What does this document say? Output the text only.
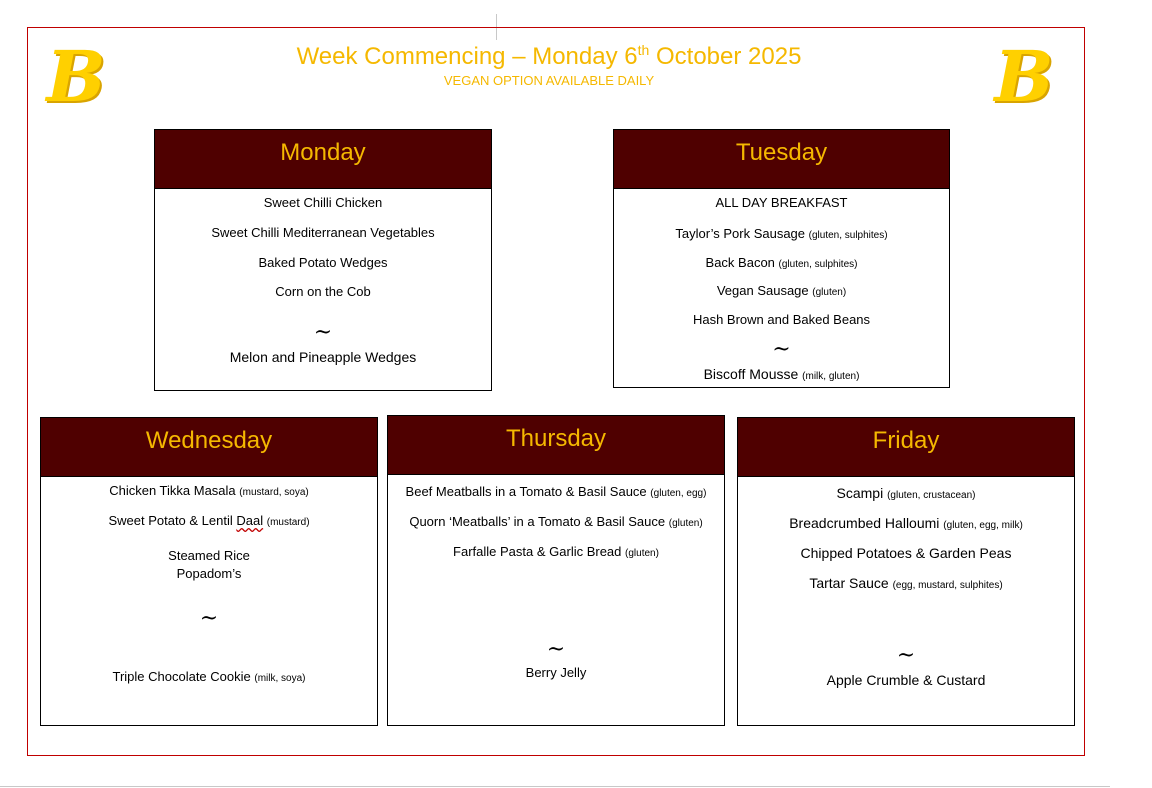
B	B
Week Commencing – Monday 6th October 2025
VEGAN OPTION AVAILABLE DAILY
Monday
Sweet Chilli Chicken
Sweet Chilli Mediterranean Vegetables
Baked Potato Wedges
Corn on the Cob
~
Melon and Pineapple Wedges
Tuesday
ALL DAY BREAKFAST
Taylor’s Pork Sausage (gluten, sulphites)
Back Bacon (gluten, sulphites)
Vegan Sausage (gluten)
Hash Brown and Baked Beans
~
Biscoff Mousse (milk, gluten)
Wednesday
Chicken Tikka Masala (mustard, soya)
Sweet Potato & Lentil Daal (mustard)
Steamed Rice
Popadom’s
~
Triple Chocolate Cookie (milk, soya)
Thursday
Beef Meatballs in a Tomato & Basil Sauce (gluten, egg)
Quorn ‘Meatballs’ in a Tomato & Basil Sauce (gluten)
Farfalle Pasta & Garlic Bread (gluten)
~
Berry Jelly
Friday
Scampi (gluten, crustacean)
Breadcrumbed Halloumi (gluten, egg, milk)
Chipped Potatoes & Garden Peas
Tartar Sauce (egg, mustard, sulphites)
~
Apple Crumble & Custard
